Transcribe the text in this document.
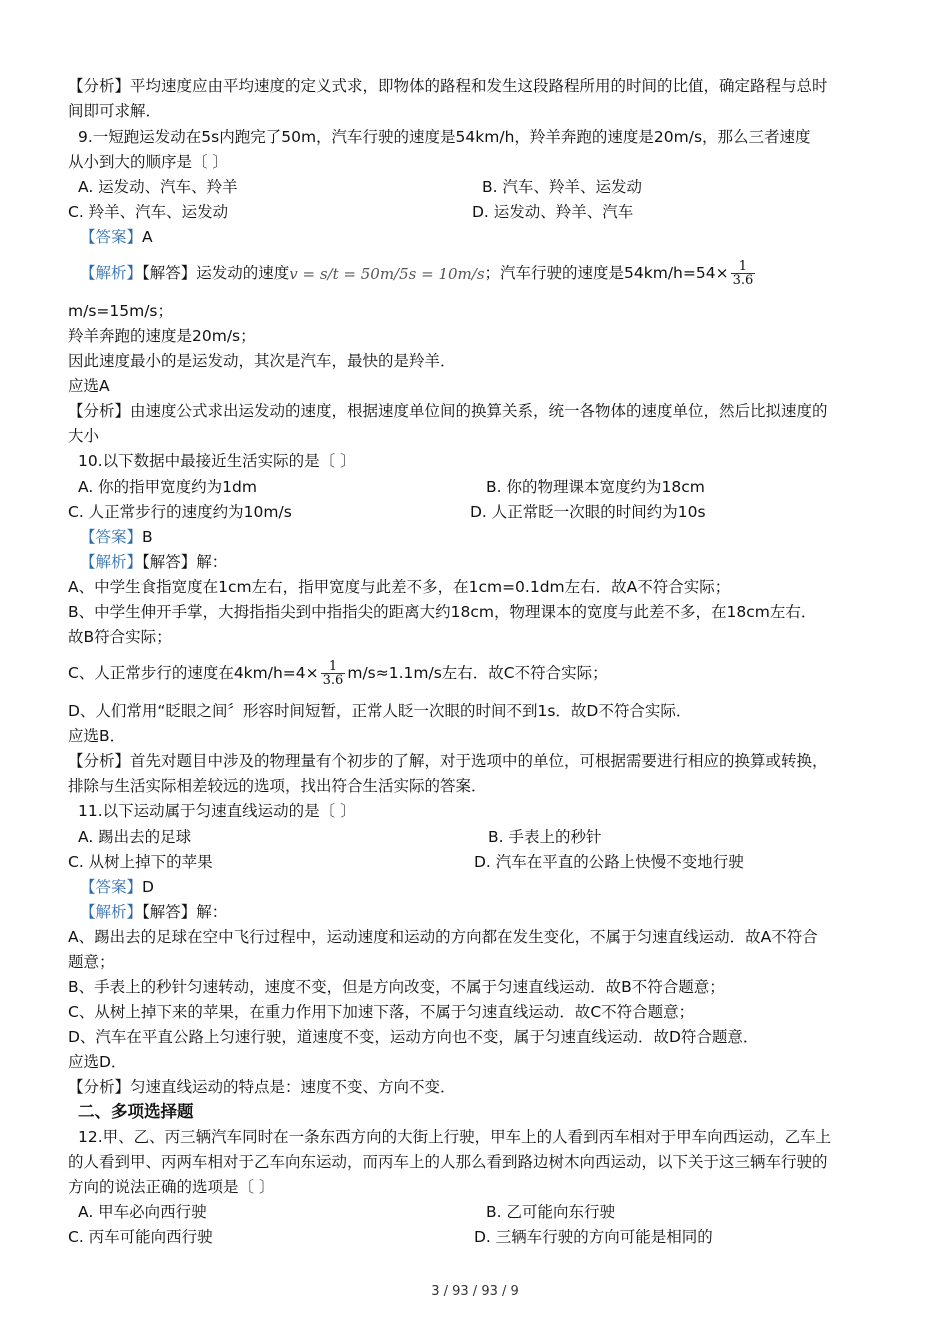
【分析】平均速度应由平均速度的定义式求，即物体的路程和发生这段路程所用的时间的比值，确定路程与总时
间即可求解．
9.一短跑运发动在5s内跑完了50m，汽车行驶的速度是54km/h，羚羊奔跑的速度是20m/s，那么三者速度
从小到大的顺序是〔 〕
A. 运发动、汽车、羚羊	B. 汽车、羚羊、运发动
C. 羚羊、汽车、运发动	D. 运发动、羚羊、汽车
【答案】A
【解析】【解答】运发动的速度v = s/t = 50m/5s = 10m/s；汽车行驶的速度是$54km/h=54\times \frac{1}{3.6}$
m/s=15m/s；
羚羊奔跑的速度是20m/s；
因此速度最小的是运发动，其次是汽车，最快的是羚羊．
应选A
【分析】由速度公式求出运发动的速度，根据速度单位间的换算关系，统一各物体的速度单位，然后比拟速度的
大小
10.以下数据中最接近生活实际的是〔 〕
A. 你的指甲宽度约为1dm	B. 你的物理课本宽度约为18cm
C. 人正常步行的速度约为10m/s	D. 人正常眨一次眼的时间约为10s
【答案】B
【解析】【解答】解：
A、中学生食指宽度在1cm左右，指甲宽度与此差不多，在1cm=0.1dm左右．故A不符合实际；
B、中学生伸开手掌，大拇指指尖到中指指尖的距离大约18cm，物理课本的宽度与此差不多，在18cm左右．
故B符合实际；
C、人正常步行的速度在$4km/h=4\times \frac{1}{3.6} m/s\approx 1.1m/s$左右．故C不符合实际；
D、人们常用“眨眼之间〞形容时间短暂，正常人眨一次眼的时间不到1s．故D不符合实际．
应选B．
【分析】首先对题目中涉及的物理量有个初步的了解，对于选项中的单位，可根据需要进行相应的换算或转换，
排除与生活实际相差较远的选项，找出符合生活实际的答案．
11.以下运动属于匀速直线运动的是〔 〕
A. 踢出去的足球	B. 手表上的秒针
C. 从树上掉下的苹果	D. 汽车在平直的公路上快慢不变地行驶
【答案】D
【解析】【解答】解：
A、踢出去的足球在空中飞行过程中，运动速度和运动的方向都在发生变化，不属于匀速直线运动．故A不符合
题意；
B、手表上的秒针匀速转动，速度不变，但是方向改变，不属于匀速直线运动．故B不符合题意；
C、从树上掉下来的苹果，在重力作用下加速下落，不属于匀速直线运动．故C不符合题意；
D、汽车在平直公路上匀速行驶，道速度不变，运动方向也不变，属于匀速直线运动．故D符合题意．
应选D．
【分析】匀速直线运动的特点是：速度不变、方向不变．
二、多项选择题
12.甲、乙、丙三辆汽车同时在一条东西方向的大街上行驶，甲车上的人看到丙车相对于甲车向西运动，乙车上
的人看到甲、丙两车相对于乙车向东运动，而丙车上的人那么看到路边树木向西运动，以下关于这三辆车行驶的
方向的说法正确的选项是〔 〕
A. 甲车必向西行驶	B. 乙可能向东行驶
C. 丙车可能向西行驶	D. 三辆车行驶的方向可能是相同的
3 / 93 / 93 / 9
